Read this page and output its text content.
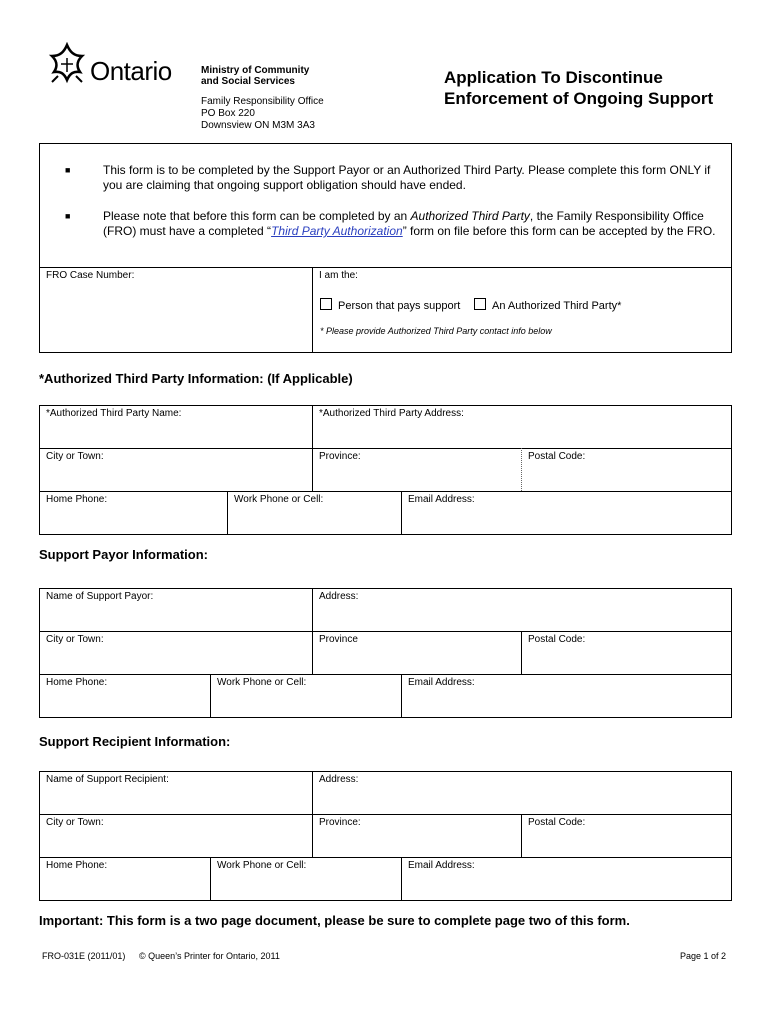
Ontario	Ministry of Community
and Social Services
Family Responsibility Office
PO Box 220
Downsview ON M3M 3A3
Application To Discontinue
Enforcement of Ongoing Support
■	This form is to be completed by the Support Payor or an Authorized Third Party. Please complete this form ONLY if you are claiming that ongoing support obligation should have ended.
■	Please note that before this form can be completed by an Authorized Third Party, the Family Responsibility Office (FRO) must have a completed “Third Party Authorization” form on file before this form can be accepted by the FRO.
FRO Case Number:	I am the:
Person that pays support	An Authorized Third Party*
* Please provide Authorized Third Party contact info below
*Authorized Third Party Information: (If Applicable)
*Authorized Third Party Name:	*Authorized Third Party Address:
City or Town:	Province:	Postal Code:
Home Phone:	Work Phone or Cell:	Email Address:
Support Payor Information:
Name of Support Payor:	Address:
City or Town:	Province	Postal Code:
Home Phone:	Work Phone or Cell:	Email Address:
Support Recipient Information:
Name of Support Recipient:	Address:
City or Town:	Province:	Postal Code:
Home Phone:	Work Phone or Cell:	Email Address:
Important: This form is a two page document, please be sure to complete page two of this form.
FRO-031E (2011/01) © Queen’s Printer for Ontario, 2011	Page 1 of 2
